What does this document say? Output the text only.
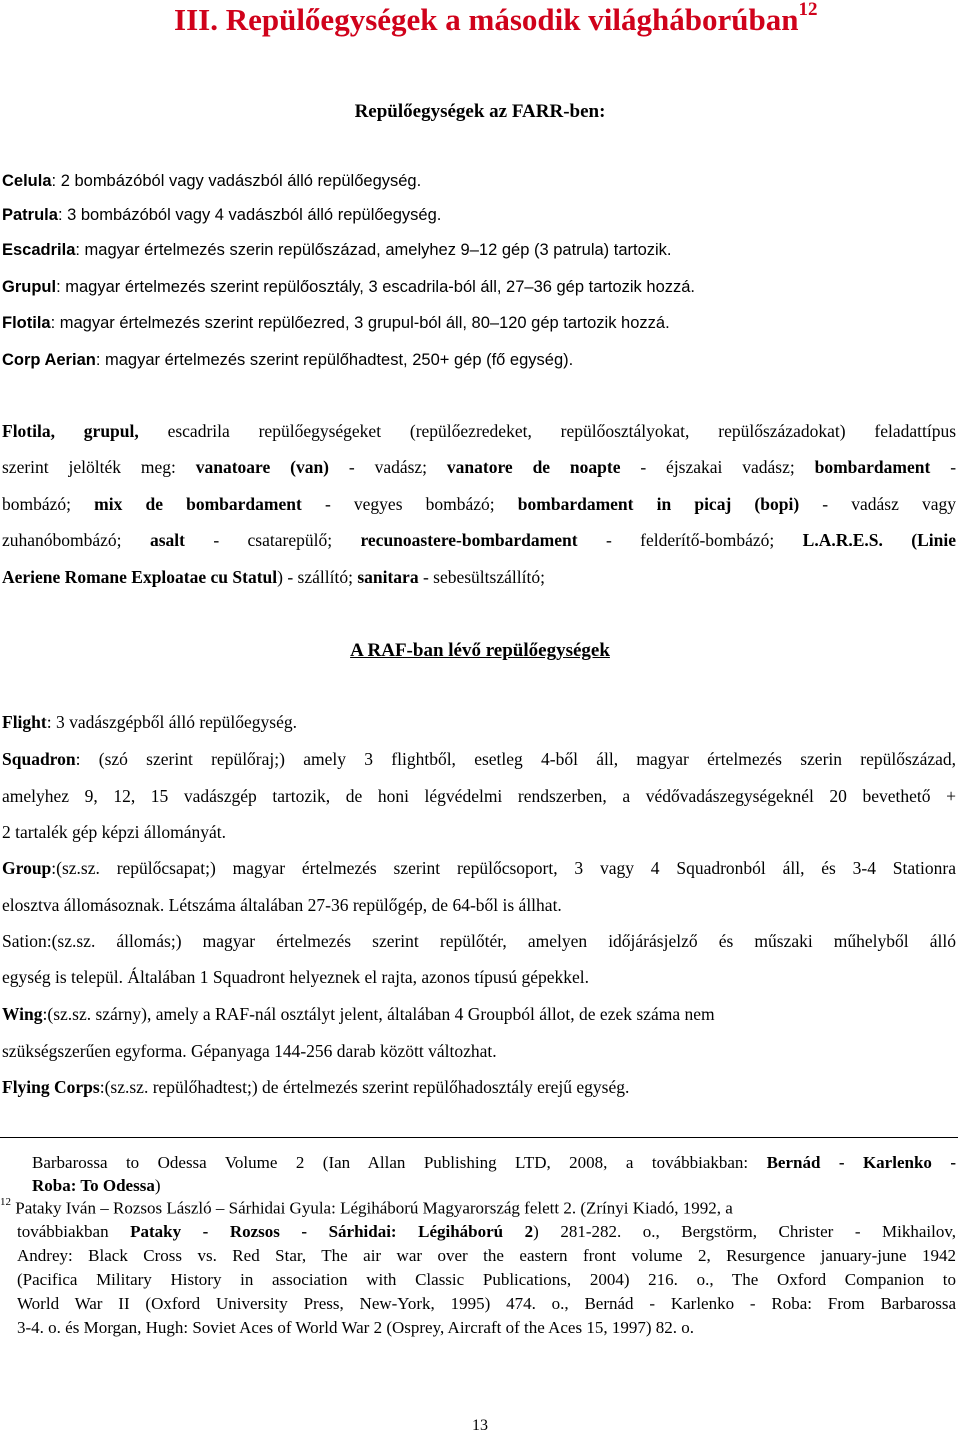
III. Repülőegységek a második világháborúban$^{12}$
Repülőegységek az FARR-ben:
Celula: 2 bombázóból vagy vadászból álló repülőegység.
Patrula: 3 bombázóból vagy 4 vadászból álló repülőegység.
Escadrila: magyar értelmezés szerin repülőszázad, amelyhez 9–12 gép (3 patrula) tartozik.
Grupul: magyar értelmezés szerint repülőosztály, 3 escadrila-ból áll, 27–36 gép tartozik hozzá.
Flotila: magyar értelmezés szerint repülőezred, 3 grupul-ból áll, 80–120 gép tartozik hozzá.
Corp Aerian: magyar értelmezés szerint repülőhadtest, 250+ gép (fő egység).
Flotila, grupul, escadrila repülőegységeket (repülőezredeket, repülőosztályokat, repülőszázadokat) feladattípus
szerint jelölték meg: vanatoare (van) - vadász; vanatore de noapte - éjszakai vadász; bombardament -
bombázó; mix de bombardament - vegyes bombázó; bombardament in picaj (bopi) - vadász vagy
zuhanóbombázó; asalt - csatarepülő; recunoastere-bombardament - felderítő-bombázó; L.A.R.E.S. (Linie
Aeriene Romane Exploatae cu Statul) - szállító; sanitara - sebesültszállító;
A RAF-ban lévő repülőegységek
Flight: 3 vadászgépből álló repülőegység.
Squadron: (szó szerint repülőraj;) amely 3 flightből, esetleg 4-ből áll, magyar értelmezés szerin repülőszázad,
amelyhez 9, 12, 15 vadászgép tartozik, de honi légvédelmi rendszerben, a védővadászegységeknél 20 bevethető +
2 tartalék gép képzi állományát.
Group:(sz.sz. repülőcsapat;) magyar értelmezés szerint repülőcsoport, 3 vagy 4 Squadronból áll, és 3-4 Stationra
elosztva állomásoznak. Létszáma általában 27-36 repülőgép, de 64-ből is állhat.
Sation:(sz.sz. állomás;) magyar értelmezés szerint repülőtér, amelyen időjárásjelző és műszaki műhelyből álló
egység is települ. Általában 1 Squadront helyeznek el rajta, azonos típusú gépekkel.
Wing:(sz.sz. szárny), amely a RAF-nál osztályt jelent, általában 4 Groupból állot, de ezek száma nem
szükségszerűen egyforma. Gépanyaga 144-256 darab között változhat.
Flying Corps:(sz.sz. repülőhadtest;) de értelmezés szerint repülőhadosztály erejű egység.
Barbarossa to Odessa Volume 2 (Ian Allan Publishing LTD, 2008, a továbbiakban: Bernád - Karlenko -
Roba: To Odessa)
$^{12}$ Pataky Iván – Rozsos László – Sárhidai Gyula: Légiháború Magyarország felett 2. (Zrínyi Kiadó, 1992, a
továbbiakban Pataky - Rozsos - Sárhidai: Légiháború 2) 281-282. o., Bergstörm, Christer - Mikhailov,
Andrey: Black Cross vs. Red Star, The air war over the eastern front volume 2, Resurgence january-june 1942
(Pacifica Military History in association with Classic Publications, 2004) 216. o., The Oxford Companion to
World War II (Oxford University Press, New-York, 1995) 474. o., Bernád - Karlenko - Roba: From Barbarossa
3-4. o. és Morgan, Hugh: Soviet Aces of World War 2 (Osprey, Aircraft of the Aces 15, 1997) 82. o.
13
